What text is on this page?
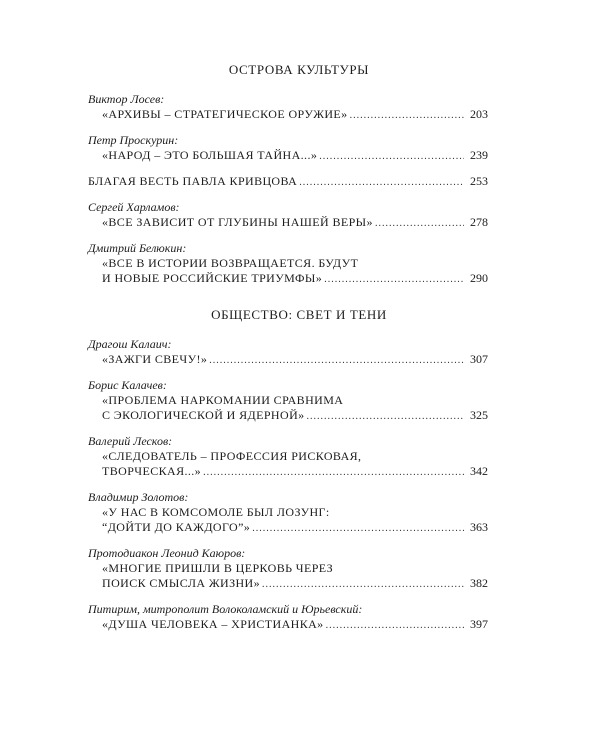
ОСТРОВА КУЛЬТУРЫ
Виктор Лосев:
«АРХИВЫ – СТРАТЕГИЧЕСКОЕ ОРУЖИЕ» .....	203
Петр Проскурин:
«НАРОД – ЭТО БОЛЬШАЯ ТАЙНА...» .....	239
БЛАГАЯ ВЕСТЬ ПАВЛА КРИВЦОВА .....	253
Сергей Харламов:
«ВСЕ ЗАВИСИТ ОТ ГЛУБИНЫ НАШЕЙ ВЕРЫ» .....	278
Дмитрий Белюкин:
«ВСЕ В ИСТОРИИ ВОЗВРАЩАЕТСЯ. БУДУТ
И НОВЫЕ РОССИЙСКИЕ ТРИУМФЫ» .....	290
ОБЩЕСТВО: СВЕТ И ТЕНИ
Драгош Калаич:
«ЗАЖГИ СВЕЧУ!» .....	307
Борис Калачев:
«ПРОБЛЕМА НАРКОМАНИИ СРАВНИМА
С ЭКОЛОГИЧЕСКОЙ И ЯДЕРНОЙ» .....	325
Валерий Лесков:
«СЛЕДОВАТЕЛЬ – ПРОФЕССИЯ РИСКОВАЯ,
ТВОРЧЕСКАЯ...» .....	342
Владимир Золотов:
«У НАС В КОМСОМОЛЕ БЫЛ ЛОЗУНГ:
“ДОЙТИ ДО КАЖДОГО”» .....	363
Протодиакон Леонид Каюров:
«МНОГИЕ ПРИШЛИ В ЦЕРКОВЬ ЧЕРЕЗ
ПОИСК СМЫСЛА ЖИЗНИ» .....	382
Питирим, митрополит Волоколамский и Юрьевский:
«ДУША ЧЕЛОВЕКА – ХРИСТИАНКА» .....	397
